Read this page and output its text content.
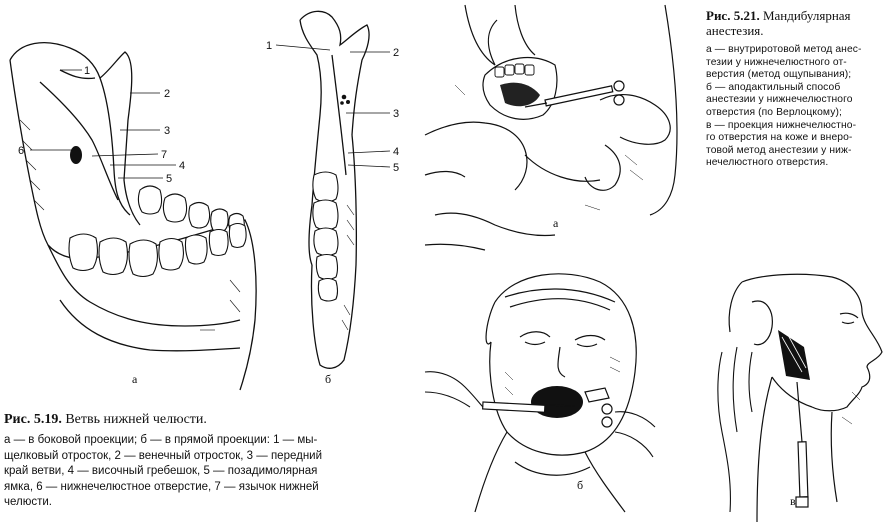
1
2
3
6	7
4
5
а
1
2
3
4
5
б
Рис. 5.19. Ветвь нижней челюсти.
а — в боковой проекции; б — в прямой проекции: 1 — мы-
щелковый отросток, 2 — венечный отросток, 3 — передний
край ветви, 4 — височный гребешок, 5 — позадимолярная
ямка, 6 — нижнечелюстное отверстие, 7 — язычок нижней
челюсти.
а
Рис. 5.21. Мандибулярная
анестезия.
а — внутриротовой метод анес-
тезии у нижнечелюстного от-
верстия (метод ощупывания);
б — аподактильный способ
анестезии у нижнечелюстного
отверстия (по Верлоцкому);
в — проекция нижнечелюстно-
го отверстия на коже и внеро-
товой метод анестезии у ниж-
нечелюстного отверстия.
б
в
